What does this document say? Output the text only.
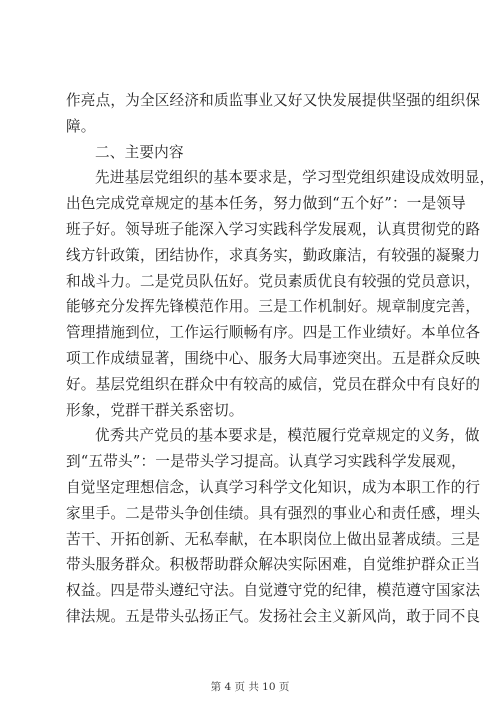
作亮点，为全区经济和质监事业又好又快发展提供坚强的组织保
障。
二、主要内容
先进基层党组织的基本要求是，学习型党组织建设成效明显，
出色完成党章规定的基本任务，努力做到“五个好”：一是领导
班子好。领导班子能深入学习实践科学发展观，认真贯彻党的路
线方针政策，团结协作，求真务实，勤政廉洁，有较强的凝聚力
和战斗力。二是党员队伍好。党员素质优良有较强的党员意识，
能够充分发挥先锋模范作用。三是工作机制好。规章制度完善，
管理措施到位，工作运行顺畅有序。四是工作业绩好。本单位各
项工作成绩显著，围绕中心、服务大局事迹突出。五是群众反映
好。基层党组织在群众中有较高的威信，党员在群众中有良好的
形象，党群干群关系密切。
优秀共产党员的基本要求是，模范履行党章规定的义务，做
到“五带头”：一是带头学习提高。认真学习实践科学发展观，
自觉坚定理想信念，认真学习科学文化知识，成为本职工作的行
家里手。二是带头争创佳绩。具有强烈的事业心和责任感，埋头
苦干、开拓创新、无私奉献，在本职岗位上做出显著成绩。三是
带头服务群众。积极帮助群众解决实际困难，自觉维护群众正当
权益。四是带头遵纪守法。自觉遵守党的纪律，模范遵守国家法
律法规。五是带头弘扬正气。发扬社会主义新风尚，敢于同不良
第 4 页 共 10 页
